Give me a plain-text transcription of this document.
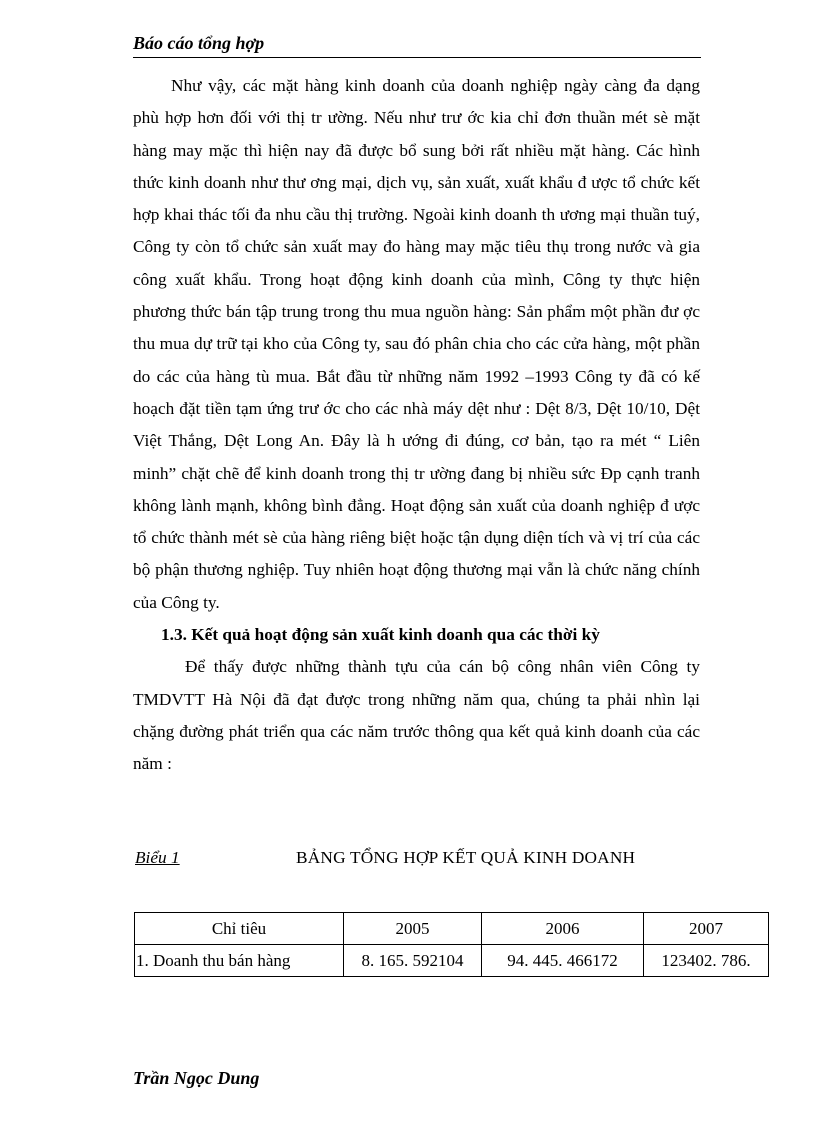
Báo cáo tổng hợp

Như vậy, các mặt hàng kinh doanh của doanh nghiệp ngày càng đa dạng phù hợp hơn đối với thị tr ường. Nếu như trư ớc kia chỉ đơn thuần mét sè mặt hàng may mặc thì hiện nay đã được bổ sung bởi rất nhiều mặt hàng. Các hình thức kinh doanh như thư ơng mại, dịch vụ, sản xuất, xuất khẩu đ ược tổ chức kết hợp khai thác tối đa nhu cầu thị trường. Ngoài kinh doanh th ương mại thuần tuý, Công ty còn tổ chức sản xuất may đo hàng may mặc tiêu thụ trong nước và gia công xuất khẩu. Trong hoạt động kinh doanh của mình, Công ty thực hiện phương thức bán tập trung trong thu mua nguồn hàng: Sản phẩm một phần đư ợc thu mua dự trữ tại kho của Công ty, sau đó phân chia cho các cửa hàng, một phần do các của hàng tù mua. Bắt đầu từ những năm 1992 –1993 Công ty đã có kế hoạch đặt tiền tạm ứng trư ớc cho các nhà máy dệt như : Dệt 8/3, Dệt 10/10, Dệt Việt Thắng, Dệt Long An. Đây là h ướng đi đúng, cơ bản, tạo ra mét “ Liên minh” chặt chẽ để kinh doanh trong thị tr ường đang bị nhiều sức Ðp cạnh tranh không lành mạnh, không bình đẳng. Hoạt động sản xuất của doanh nghiệp đ ược tổ chức thành mét sè của hàng riêng biệt hoặc tận dụng diện tích và vị trí của các bộ phận thương nghiệp. Tuy nhiên hoạt động thương mại vẫn là chức năng chính của Công ty.

1.3. Kết quả hoạt động sản xuất kinh doanh qua các thời kỳ

Để thấy được những thành tựu của cán bộ công nhân viên Công ty TMDVTT Hà Nội đã đạt được trong những năm qua, chúng ta phải nhìn lại chặng đường phát triển qua các năm trước thông qua kết quả kinh doanh của các năm :

Biểu 1	BẢNG TỔNG HỢP KẾT QUẢ KINH DOANH
Chỉ tiêu	2005	2006	2007
1. Doanh thu bán hàng	8. 165. 592104	94. 445. 466172	123402. 786.
Trần Ngọc Dung
